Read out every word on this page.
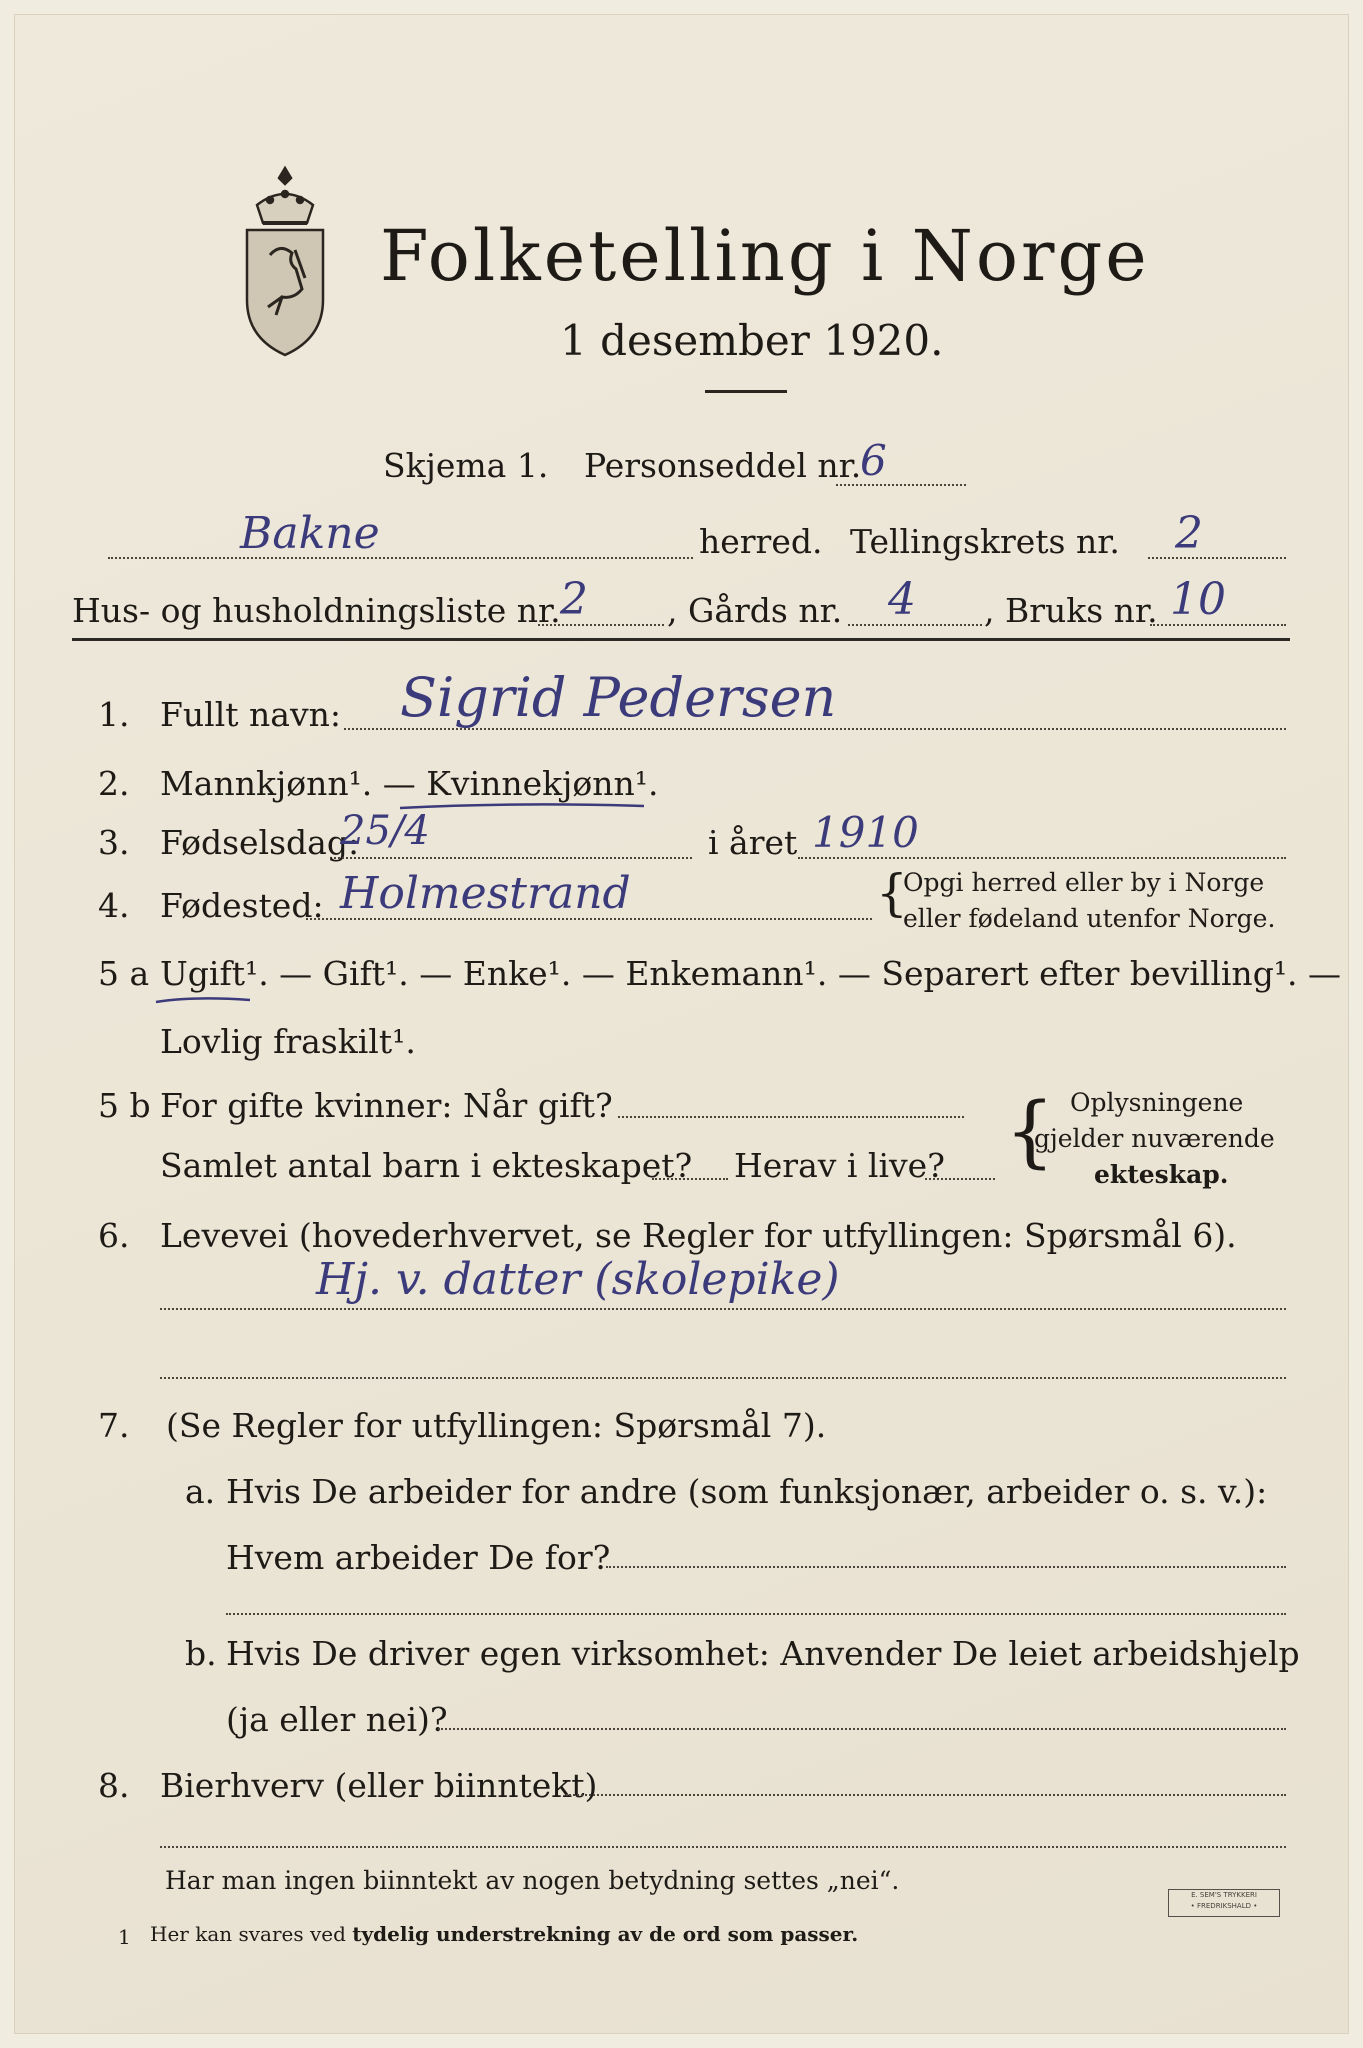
Folketelling i Norge
1 desember 1920.
Skjema 1. Personseddel nr.
6
Bakne	herred. Tellingskrets nr. 2
Hus- og husholdningsliste nr. 2 , Gårds nr. 4 , Bruks nr. 10
1. Fullt navn: Sigrid Pedersen
2. Mannkjønn¹. — Kvinnekjønn¹.
3. Fødselsdag:
25/4	i året 1910
4. Fødested: Holmestrand	{
Opgi herred eller by i Norge
eller fødeland utenfor Norge.
5 a Ugift¹. — Gift¹. — Enke¹. — Enkemann¹. — Separert efter bevilling¹. —
Lovlig fraskilt¹.
5 b For gifte kvinner: Når gift?
Samlet antal barn i ekteskapet? Herav i live? { Oplysningene
gjelder nuværende
ekteskap.
6. Levevei (hovederhvervet, se Regler for utfyllingen: Spørsmål 6).
Hj. v. datter (skolepike)
7. (Se Regler for utfyllingen: Spørsmål 7).
a. Hvis De arbeider for andre (som funksjonær, arbeider o. s. v.):
Hvem arbeider De for?
b. Hvis De driver egen virksomhet: Anvender De leiet arbeidshjelp
(ja eller nei)?
8. Bierhverv (eller biinntekt)
Har man ingen biinntekt av nogen betydning settes „nei“.
1 Her kan svares ved tydelig understrekning av de ord som passer.
E. SEM'S TRYKKERI
• FREDRIKSHALD •
